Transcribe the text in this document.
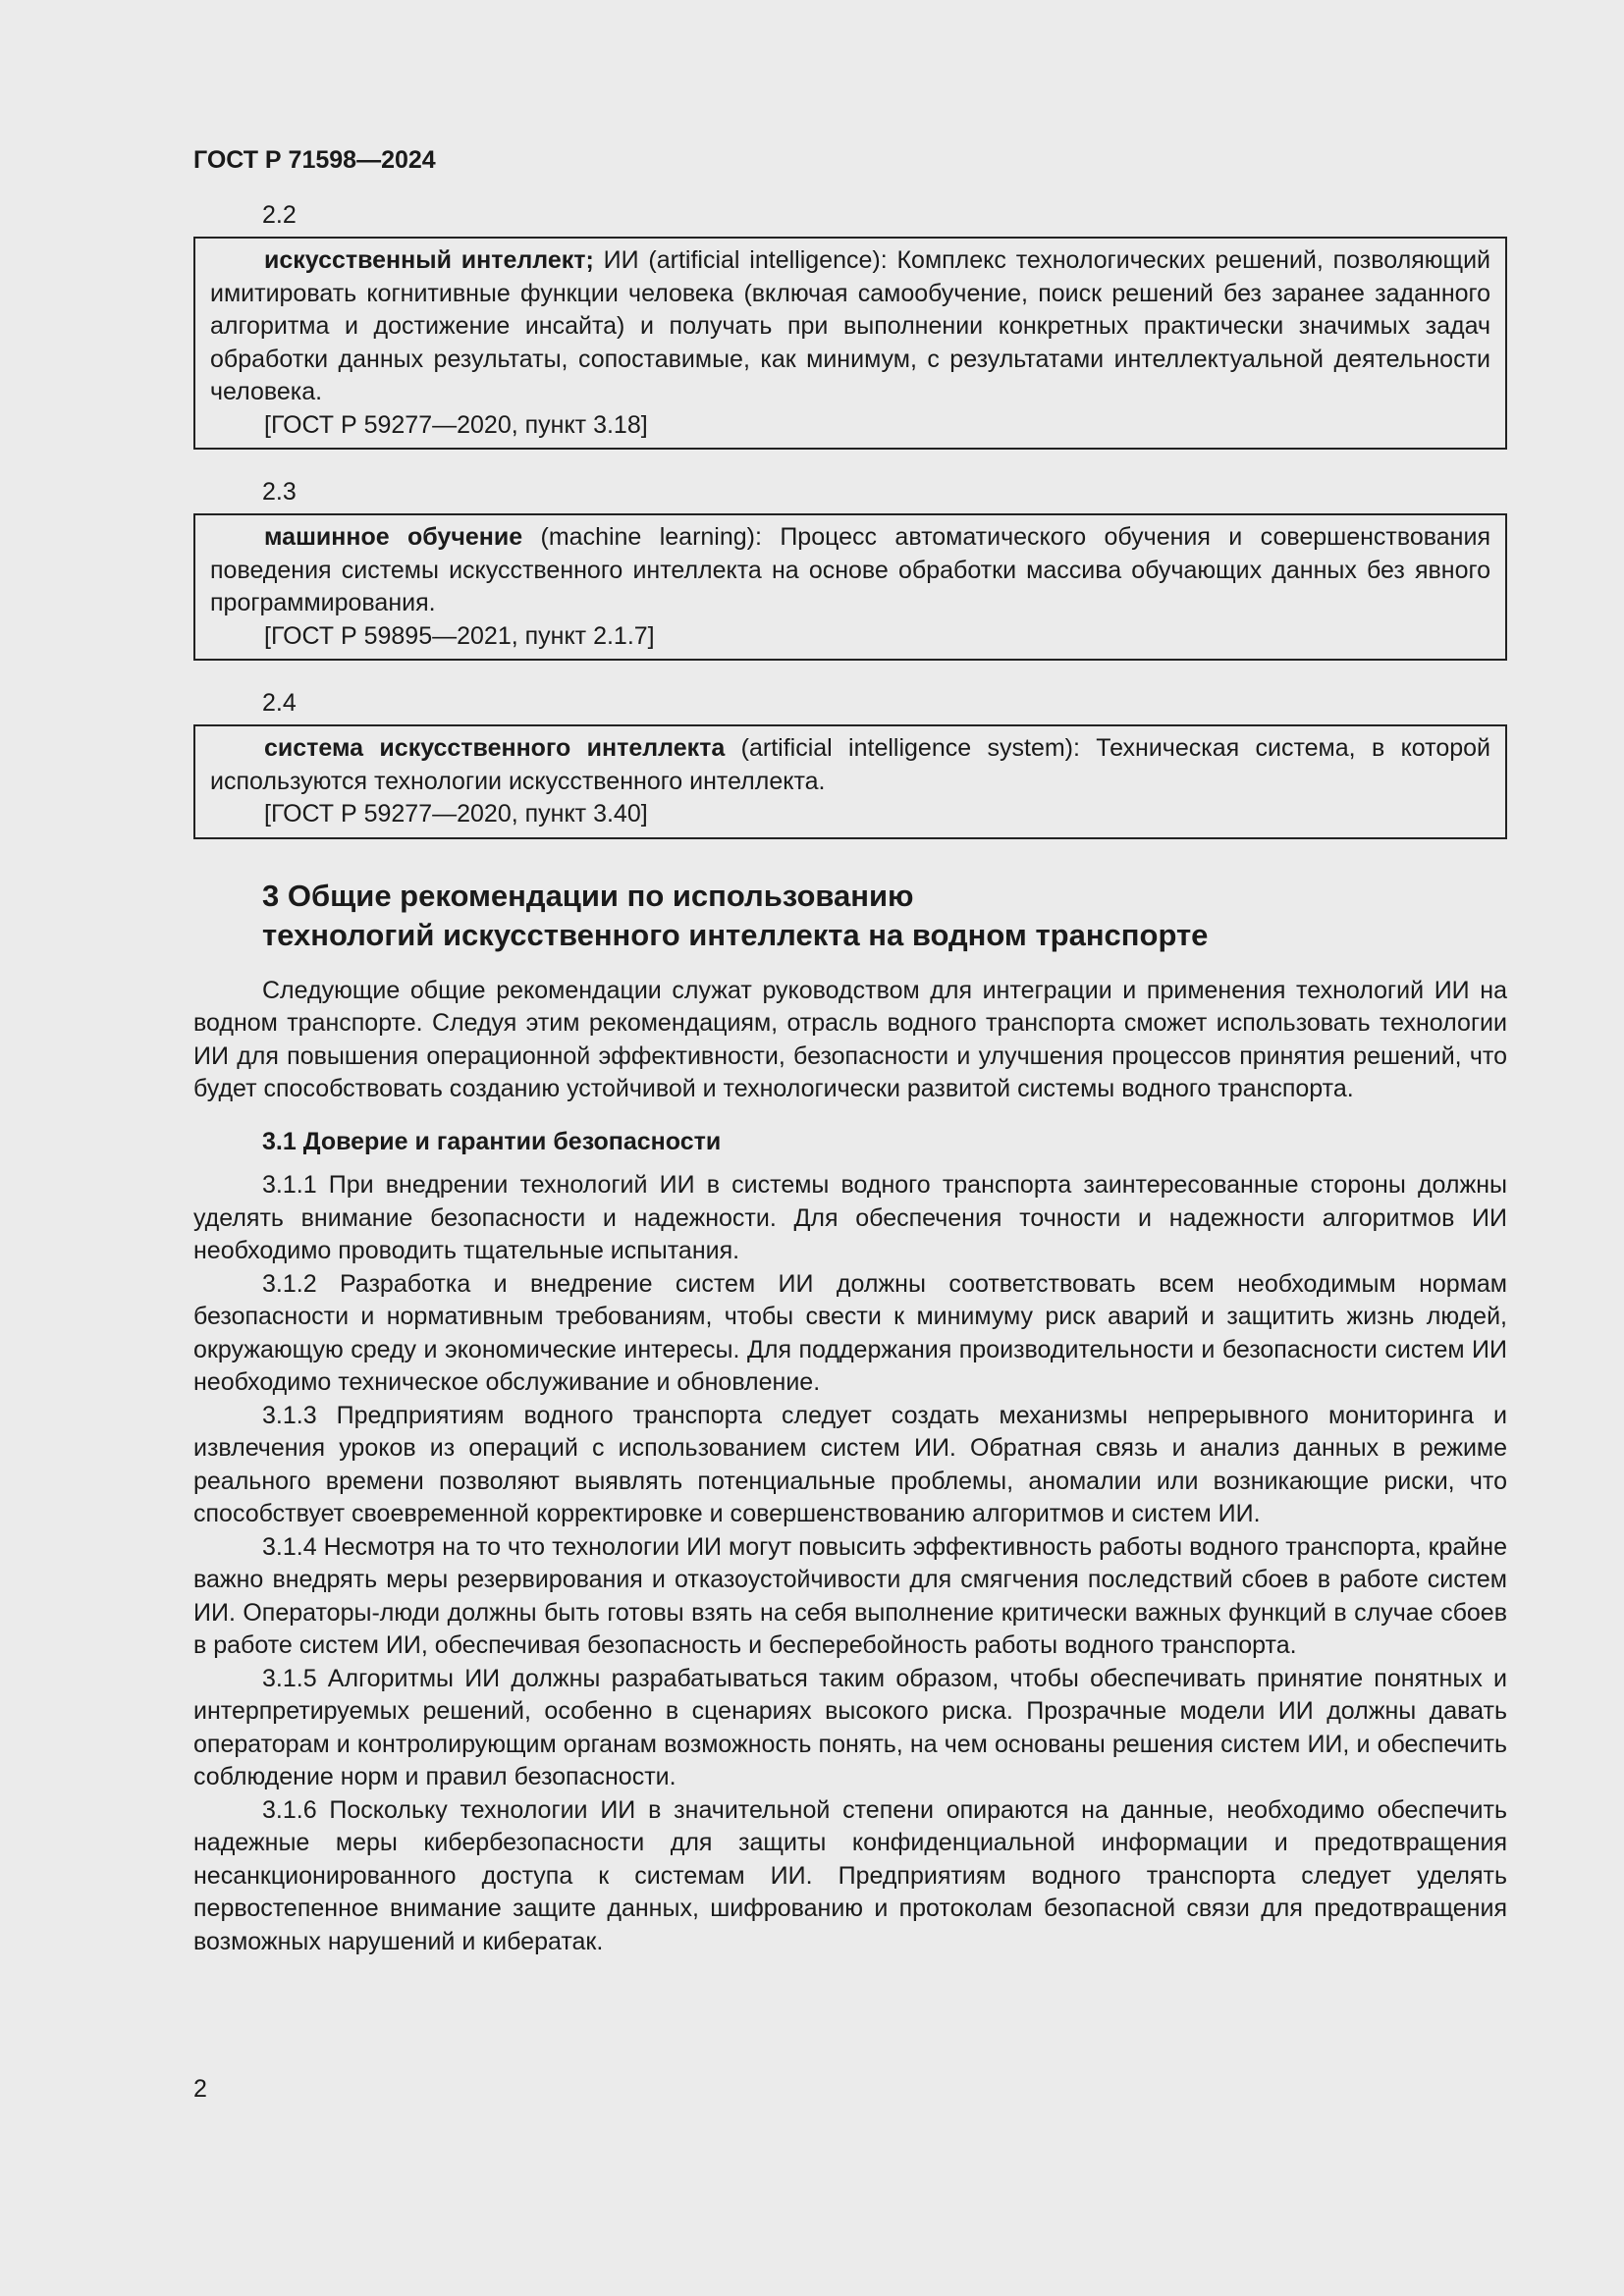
ГОСТ Р 71598—2024
2.2

искусственный интеллект; ИИ (artificial intelligence): Комплекс технологических решений, позволяющий имитировать когнитивные функции человека (включая самообучение, поиск решений без заранее заданного алгоритма и достижение инсайта) и получать при выполнении конкретных практически значимых задач обработки данных результаты, сопоставимые, как минимум, с результатами интеллектуальной деятельности человека.

[ГОСТ Р 59277—2020, пункт 3.18]

2.3

машинное обучение (machine learning): Процесс автоматического обучения и совершенствования поведения системы искусственного интеллекта на основе обработки массива обучающих данных без явного программирования.

[ГОСТ Р 59895—2021, пункт 2.1.7]

2.4

система искусственного интеллекта (artificial intelligence system): Техническая система, в которой используются технологии искусственного интеллекта.

[ГОСТ Р 59277—2020, пункт 3.40]

3 Общие рекомендации по использованию
технологий искусственного интеллекта на водном транспорте

Следующие общие рекомендации служат руководством для интеграции и применения технологий ИИ на водном транспорте. Следуя этим рекомендациям, отрасль водного транспорта сможет использовать технологии ИИ для повышения операционной эффективности, безопасности и улучшения процессов принятия решений, что будет способствовать созданию устойчивой и технологически развитой системы водного транспорта.

3.1 Доверие и гарантии безопасности

3.1.1 При внедрении технологий ИИ в системы водного транспорта заинтересованные стороны должны уделять внимание безопасности и надежности. Для обеспечения точности и надежности алгоритмов ИИ необходимо проводить тщательные испытания.

3.1.2 Разработка и внедрение систем ИИ должны соответствовать всем необходимым нормам безопасности и нормативным требованиям, чтобы свести к минимуму риск аварий и защитить жизнь людей, окружающую среду и экономические интересы. Для поддержания производительности и безопасности систем ИИ необходимо техническое обслуживание и обновление.

3.1.3 Предприятиям водного транспорта следует создать механизмы непрерывного мониторинга и извлечения уроков из операций с использованием систем ИИ. Обратная связь и анализ данных в режиме реального времени позволяют выявлять потенциальные проблемы, аномалии или возникающие риски, что способствует своевременной корректировке и совершенствованию алгоритмов и систем ИИ.

3.1.4 Несмотря на то что технологии ИИ могут повысить эффективность работы водного транспорта, крайне важно внедрять меры резервирования и отказоустойчивости для смягчения последствий сбоев в работе систем ИИ. Операторы-люди должны быть готовы взять на себя выполнение критически важных функций в случае сбоев в работе систем ИИ, обеспечивая безопасность и бесперебойность работы водного транспорта.

3.1.5 Алгоритмы ИИ должны разрабатываться таким образом, чтобы обеспечивать принятие понятных и интерпретируемых решений, особенно в сценариях высокого риска. Прозрачные модели ИИ должны давать операторам и контролирующим органам возможность понять, на чем основаны решения систем ИИ, и обеспечить соблюдение норм и правил безопасности.

3.1.6 Поскольку технологии ИИ в значительной степени опираются на данные, необходимо обеспечить надежные меры кибербезопасности для защиты конфиденциальной информации и предотвращения несанкционированного доступа к системам ИИ. Предприятиям водного транспорта следует уделять первостепенное внимание защите данных, шифрованию и протоколам безопасной связи для предотвращения возможных нарушений и кибератак.

2
